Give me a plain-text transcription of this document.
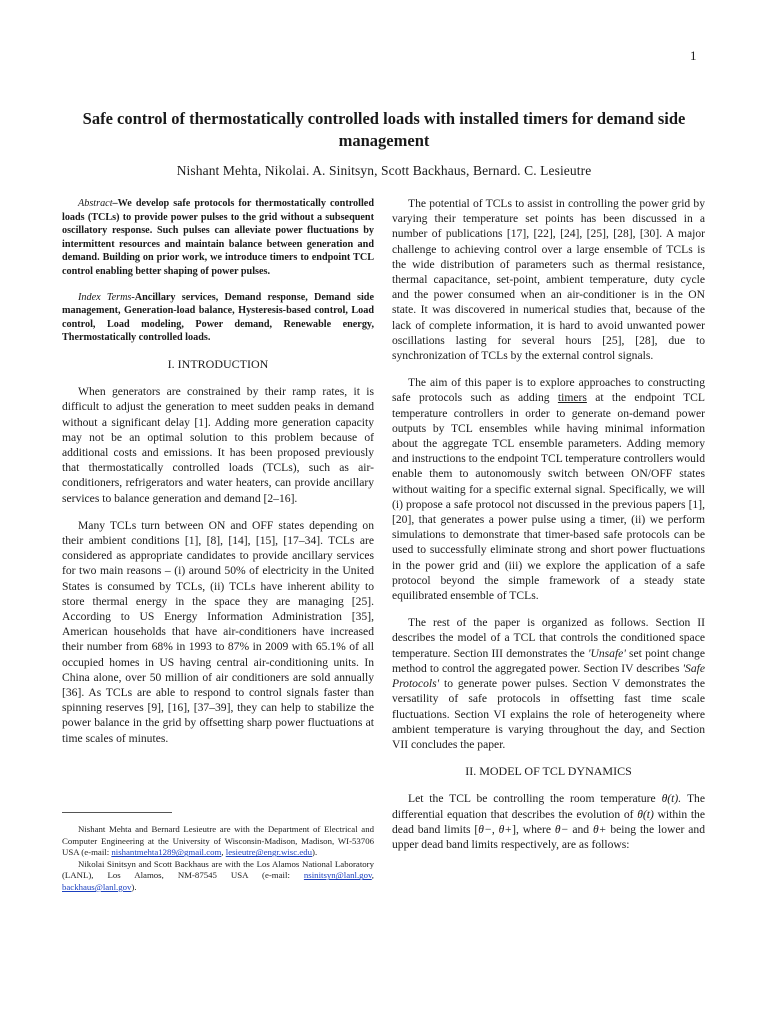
1
Safe control of thermostatically controlled loads with installed timers for demand side management
Nishant Mehta, Nikolai. A. Sinitsyn, Scott Backhaus, Bernard. C. Lesieutre

Abstract–We develop safe protocols for thermostatically controlled loads (TCLs) to provide power pulses to the grid without a subsequent oscillatory response. Such pulses can alleviate power fluctuations by intermittent resources and maintain balance between generation and demand. Building on prior work, we introduce timers to endpoint TCL control enabling better shaping of power pulses.

Index Terms-Ancillary services, Demand response, Demand side management, Generation-load balance, Hysteresis-based control, Load control, Load modeling, Power demand, Renewable energy, Thermostatically controlled loads.

I. INTRODUCTION

When generators are constrained by their ramp rates, it is difficult to adjust the generation to meet sudden peaks in demand without a significant delay [1]. Adding more generation capacity may not be an optimal solution to this problem because of additional costs and emissions. It has been proposed previously that thermostatically controlled loads (TCLs), such as air-conditioners, refrigerators and water heaters, can provide ancillary services to balance generation and demand [2–16].

Many TCLs turn between ON and OFF states depending on their ambient conditions [1], [8], [14], [15], [17–34]. TCLs are considered as appropriate candidates to provide ancillary services for two main reasons – (i) around 50% of electricity in the United States is consumed by TCLs, (ii) TCLs have inherent ability to store thermal energy in the space they are managing [25]. According to US Energy Information Administration [35], American households that have air-conditioners have increased their number from 68% in 1993 to 87% in 2009 with 65.1% of all occupied homes in US having central air-conditioning units. In China alone, over 50 million of air conditioners are sold annually [36]. As TCLs are able to respond to control signals faster than spinning reserves [9], [16], [37–39], they can help to stabilize the power balance in the grid by offsetting sharp power fluctuations at time scales of minutes.

Nishant Mehta and Bernard Lesieutre are with the Department of Electrical and Computer Engineering at the University of Wisconsin-Madison, Madison, WI-53706 USA (e-mail: nishantmehta1289@gmail.com, lesieutre@engr.wisc.edu).

Nikolai Sinitsyn and Scott Backhaus are with the Los Alamos National Laboratory (LANL), Los Alamos, NM-87545 USA (e-mail: nsinitsyn@lanl.gov, backhaus@lanl.gov).

The potential of TCLs to assist in controlling the power grid by varying their temperature set points has been discussed in a number of publications [17], [22], [24], [25], [28], [30]. A major challenge to achieving control over a large ensemble of TCLs is the wide distribution of parameters such as thermal resistance, thermal capacitance, set-point, ambient temperature, duty cycle and the power consumed when an air-conditioner is in the ON state. It was discovered in numerical studies that, because of the lack of complete information, it is hard to avoid unwanted power oscillations lasting for several hours [25], [28], due to synchronization of TCLs by the external control signals.

The aim of this paper is to explore approaches to constructing safe protocols such as adding timers at the endpoint TCL temperature controllers in order to generate on-demand power outputs by TCL ensembles while having minimal information about the aggregate TCL ensemble parameters. Adding memory and instructions to the endpoint TCL temperature controllers would enable them to autonomously switch between ON/OFF states without waiting for a specific external signal. Specifically, we will (i) propose a safe protocol not discussed in the previous papers [1], [20], that generates a power pulse using a timer, (ii) we perform simulations to demonstrate that timer-based safe protocols can be used to successfully eliminate strong and short power fluctuations in the power grid and (iii) we explore the application of a safe protocol beyond the simple framework of a steady state equilibrated ensemble of TCLs.

The rest of the paper is organized as follows. Section II describes the model of a TCL that controls the conditioned space temperature. Section III demonstrates the 'Unsafe' set point change method to control the aggregated power. Section IV describes 'Safe Protocols' to generate power pulses. Section V demonstrates the versatility of safe protocols in offsetting fast time scale fluctuations. Section VI explains the role of heterogeneity where ambient temperature is varying throughout the day, and Section VII concludes the paper.

II. MODEL OF TCL DYNAMICS

Let the TCL be controlling the room temperature θ(t). The differential equation that describes the evolution of θ(t) within the dead band limits [θ−, θ+], where θ− and θ+ being the lower and upper dead band limits respectively, are as follows:
